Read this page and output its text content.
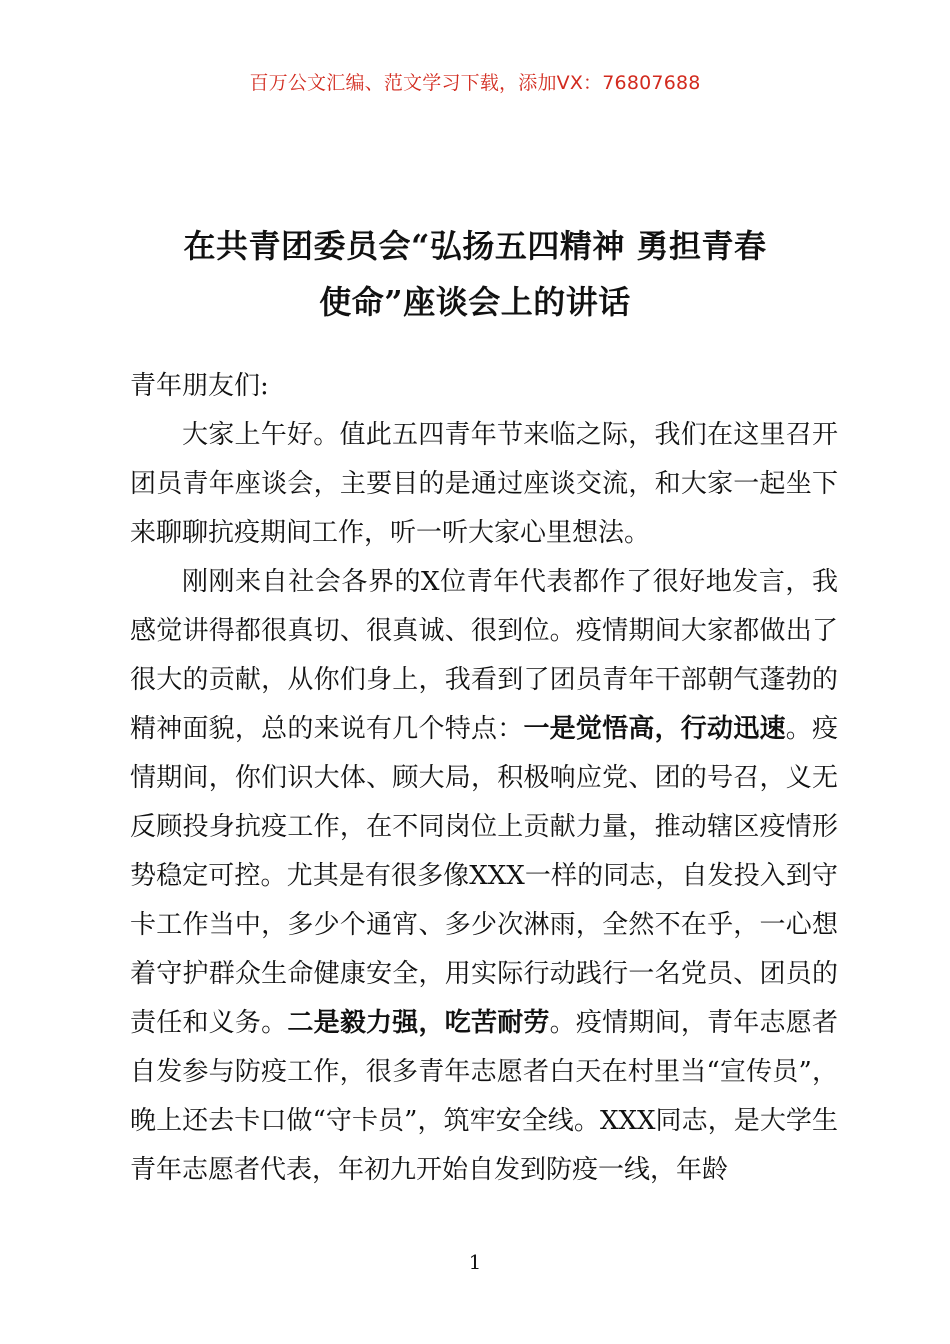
百万公文汇编、范文学习下载，添加VX：76807688
在共青团委员会“弘扬五四精神 勇担青春
使命”座谈会上的讲话
青年朋友们:

大家上午好。值此五四青年节来临之际，我们在这里召开团员青年座谈会，主要目的是通过座谈交流，和大家一起坐下来聊聊抗疫期间工作，听一听大家心里想法。

刚刚来自社会各界的X位青年代表都作了很好地发言，我感觉讲得都很真切、很真诚、很到位。疫情期间大家都做出了很大的贡献，从你们身上，我看到了团员青年干部朝气蓬勃的精神面貌，总的来说有几个特点：一是觉悟高，行动迅速。疫情期间，你们识大体、顾大局，积极响应党、团的号召，义无反顾投身抗疫工作，在不同岗位上贡献力量，推动辖区疫情形势稳定可控。尤其是有很多像XXX一样的同志，自发投入到守卡工作当中，多少个通宵、多少次淋雨，全然不在乎，一心想着守护群众生命健康安全，用实际行动践行一名党员、团员的责任和义务。二是毅力强，吃苦耐劳。疫情期间，青年志愿者自发参与防疫工作，很多青年志愿者白天在村里当“宣传员”，晚上还去卡口做“守卡员”，筑牢安全线。XXX同志，是大学生青年志愿者代表，年初九开始自发到防疫一线，年龄

1
